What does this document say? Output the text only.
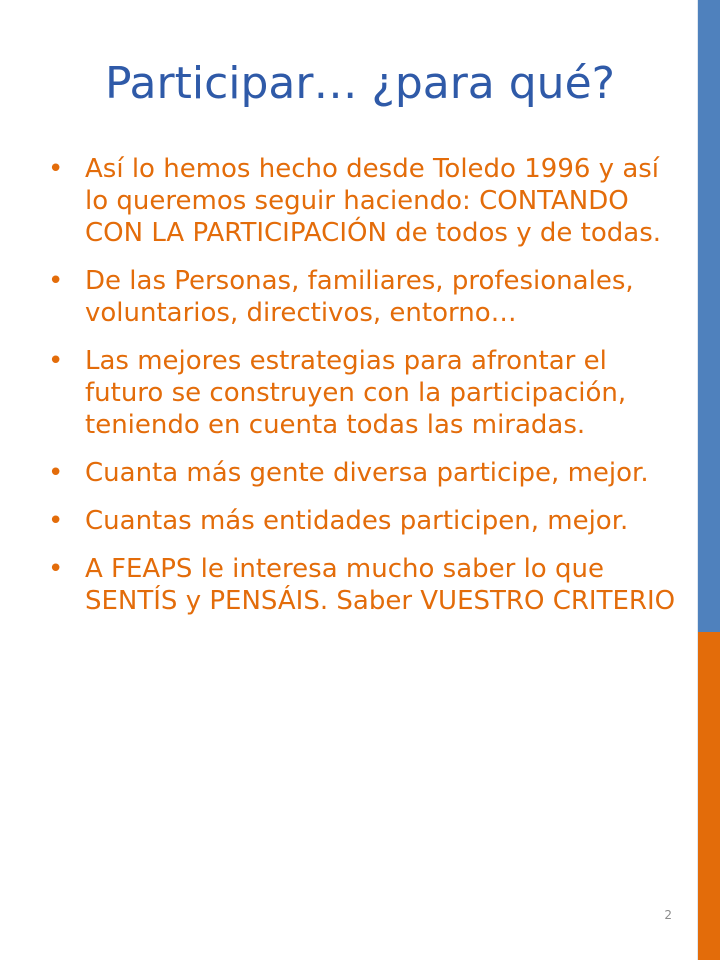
Participar… ¿para qué?
• Así lo hemos hecho desde Toledo 1996 y así lo queremos seguir haciendo: CONTANDO CON LA PARTICIPACIÓN de todos y de todas.
• De las Personas, familiares, profesionales, voluntarios, directivos, entorno…
• Las mejores estrategias para afrontar el futuro se construyen con la participación, teniendo en cuenta todas las miradas.
• Cuanta más gente diversa participe, mejor.
• Cuantas más entidades participen, mejor.
• A FEAPS le interesa mucho saber lo que SENTÍS y PENSÁIS. Saber VUESTRO CRITERIO
2
